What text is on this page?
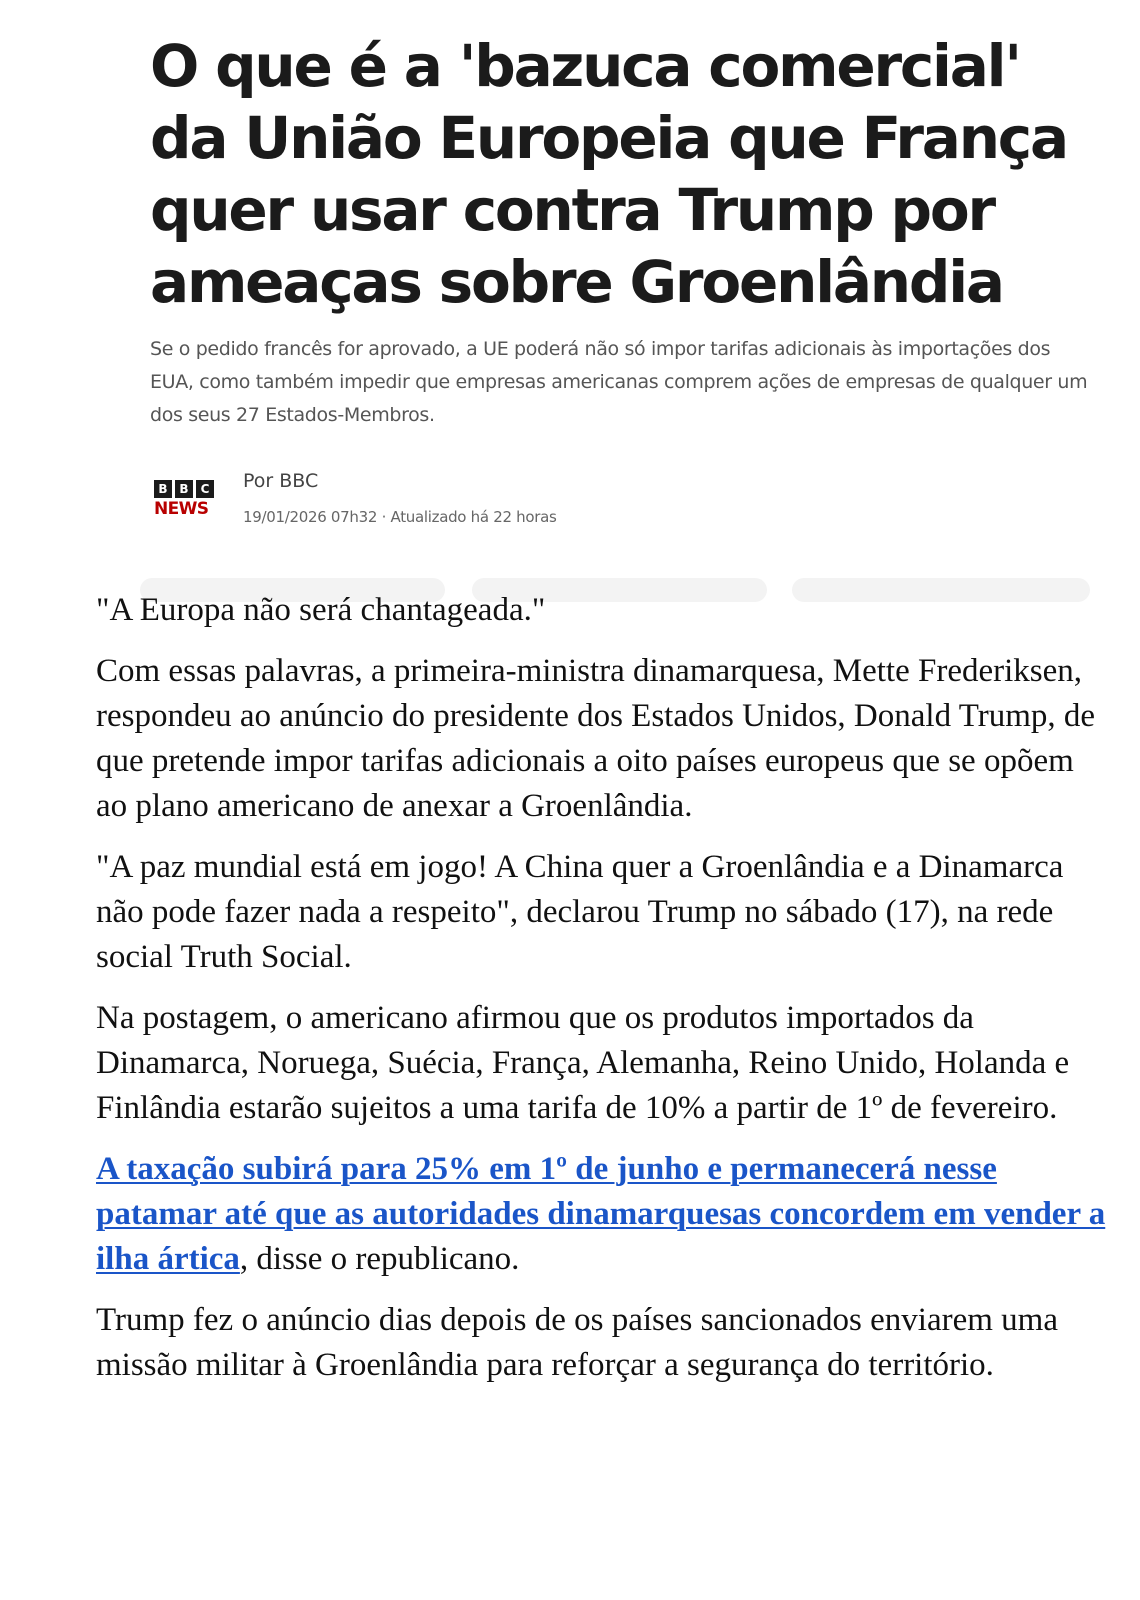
O que é a 'bazuca comercial' da União Europeia que França quer usar contra Trump por ameaças sobre Groenlândia

Se o pedido francês for aprovado, a UE poderá não só impor tarifas adicionais às importações dos EUA, como também impedir que empresas americanas comprem ações de empresas de qualquer um dos seus 27 Estados-Membros.

B B	C
NEWS
Por BBC
19/01/2026 07h32 · Atualizado há 22 horas

"A Europa não será chantageada."

Com essas palavras, a primeira-ministra dinamarquesa, Mette Frederiksen, respondeu ao anúncio do presidente dos Estados Unidos, Donald Trump, de que pretende impor tarifas adicionais a oito países europeus que se opõem ao plano americano de anexar a Groenlândia.

"A paz mundial está em jogo! A China quer a Groenlândia e a Dinamarca não pode fazer nada a respeito", declarou Trump no sábado (17), na rede social Truth Social.

Na postagem, o americano afirmou que os produtos importados da Dinamarca, Noruega, Suécia, França, Alemanha, Reino Unido, Holanda e Finlândia estarão sujeitos a uma tarifa de 10% a partir de 1º de fevereiro.

A taxação subirá para 25% em 1º de junho e permanecerá nesse patamar até que as autoridades dinamarquesas concordem em vender a ilha ártica, disse o republicano.

Trump fez o anúncio dias depois de os países sancionados enviarem uma missão militar à Groenlândia para reforçar a segurança do território.
